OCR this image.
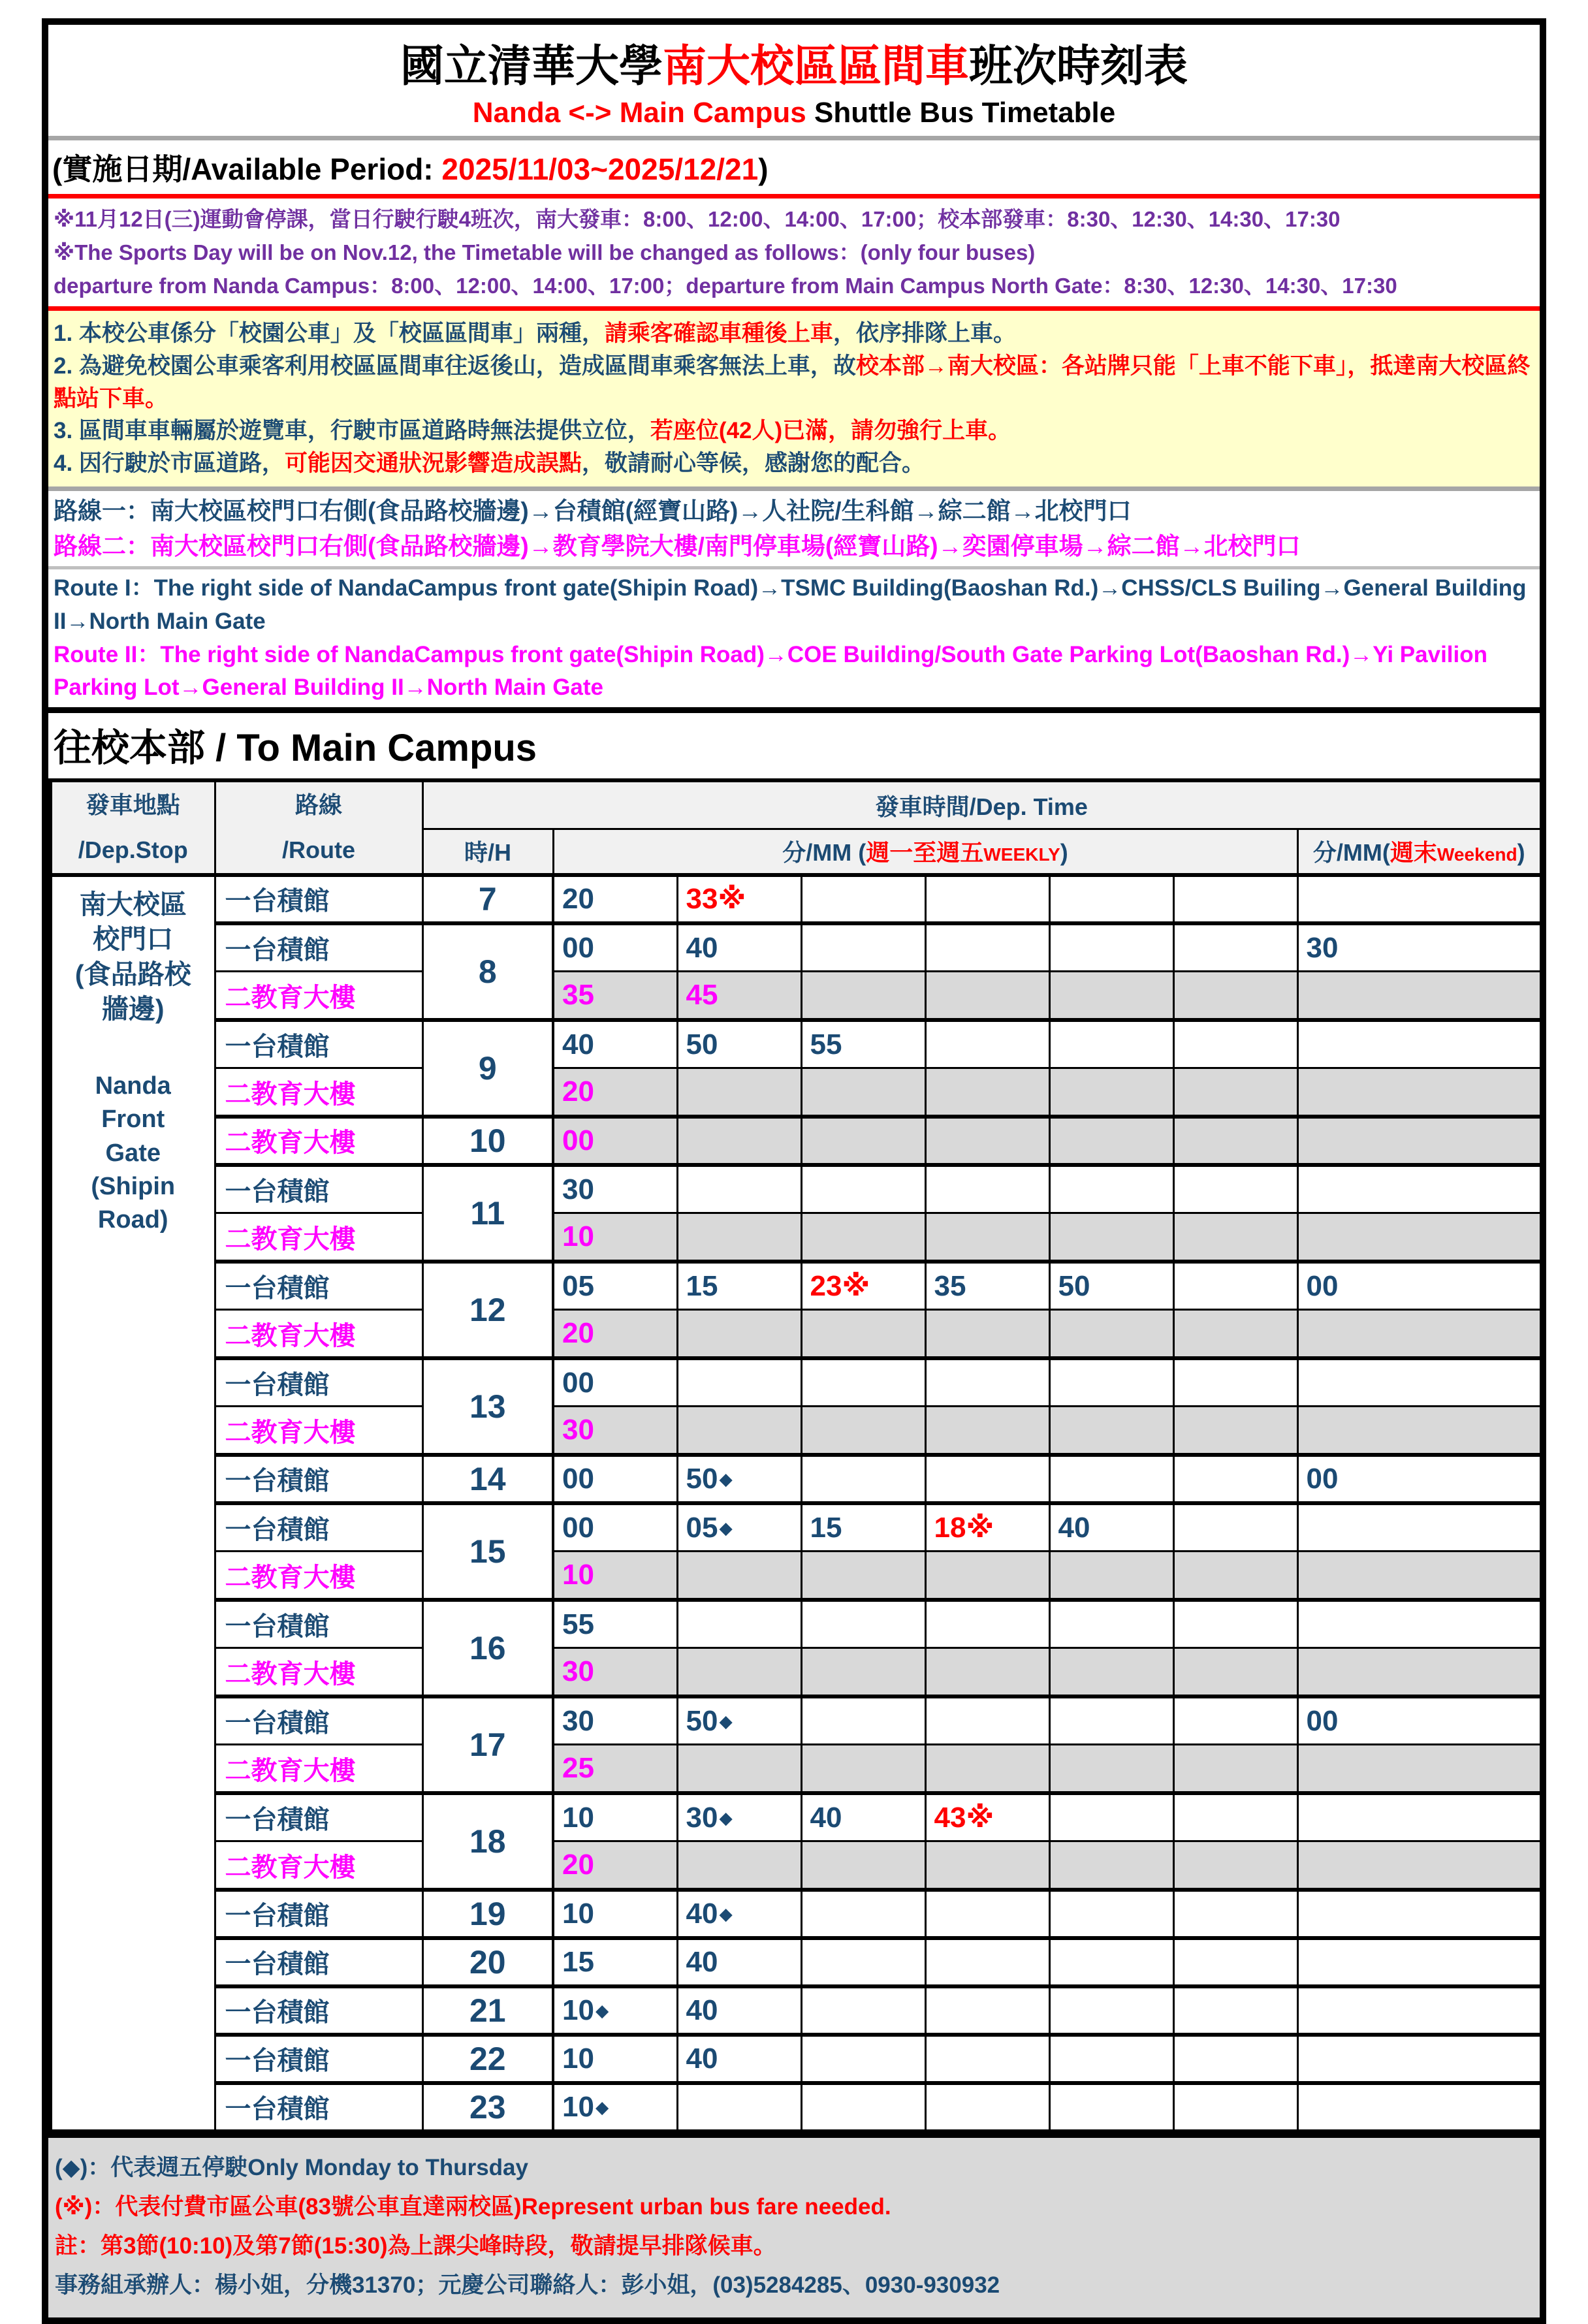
國立清華大學南大校區區間車班次時刻表
Nanda <-> Main Campus Shuttle Bus Timetable
(實施日期/Available Period: 2025/11/03~2025/12/21)
※11月12日(三)運動會停課，當日行駛行駛4班次，南大發車：8:00、12:00、14:00、17:00；校本部發車：8:30、12:30、14:30、17:30
※The Sports Day will be on Nov.12, the Timetable will be changed as follows：(only four buses)
departure from Nanda Campus：8:00、12:00、14:00、17:00；departure from Main Campus North Gate：8:30、12:30、14:30、17:30
1. 本校公車係分「校園公車」及「校區區間車」兩種，請乘客確認車種後上車，依序排隊上車。
2. 為避免校園公車乘客利用校區區間車往返後山，造成區間車乘客無法上車，故校本部→南大校區：各站牌只能「上車不能下車」，抵達南大校區終點站下車。
3. 區間車車輛屬於遊覽車，行駛市區道路時無法提供立位，若座位(42人)已滿，請勿強行上車。
4. 因行駛於市區道路，可能因交通狀況影響造成誤點，敬請耐心等候，感謝您的配合。
路線一：南大校區校門口右側(食品路校牆邊)→台積館(經寶山路)→人社院/生科館→綜二館→北校門口
路線二：南大校區校門口右側(食品路校牆邊)→教育學院大樓/南門停車場(經寶山路)→奕園停車場→綜二館→北校門口
Route I：The right side of NandaCampus front gate(Shipin Road)→TSMC Building(Baoshan Rd.)→CHSS/CLS Builing→General Building II→North Main Gate
Route II：The right side of NandaCampus front gate(Shipin Road)→COE Building/South Gate Parking Lot(Baoshan Rd.)→Yi Pavilion Parking Lot→General Building II→North Main Gate
往校本部 / To Main Campus
發車地點
/Dep.Stop

路線
/Route
	發車時間/Dep. Time
		時/H	分/MM (週一至週五WEEKLY)						分/MM(週末Weekend)

南大校區
校門口
(食品路校
牆邊)
Nanda
Front
Gate
(Shipin
Road)
	一台積館	7	20	33※					
	一台積館	8	00	40					30
	二教育大樓		35	45					
	一台積館	9	40	50	55				
	二教育大樓		20						
	二教育大樓	10	00						
	一台積館	11	30						
	二教育大樓		10						
	一台積館	12	05	15	23※	35	50		00
	二教育大樓		20						
	一台積館	13	00						
	二教育大樓		30						
	一台積館	14	00	50◆					00
	一台積館	15	00	05◆	15	18※	40		
	二教育大樓		10						
	一台積館	16	55						
	二教育大樓		30						
	一台積館	17	30	50◆					00
	二教育大樓		25						
	一台積館	18	10	30◆	40	43※			
	二教育大樓		20						
	一台積館	19	10	40◆					
	一台積館	20	15	40					
	一台積館	21	10◆	40					
	一台積館	22	10	40					
	一台積館	23	10◆						
(◆)：代表週五停駛Only Monday to Thursday
(※)：代表付費市區公車(83號公車直達兩校區)Represent urban bus fare needed.
註：第3節(10:10)及第7節(15:30)為上課尖峰時段，敬請提早排隊候車。
事務組承辦人：楊小姐，分機31370；元慶公司聯絡人：彭小姐，(03)5284285、0930-930932
